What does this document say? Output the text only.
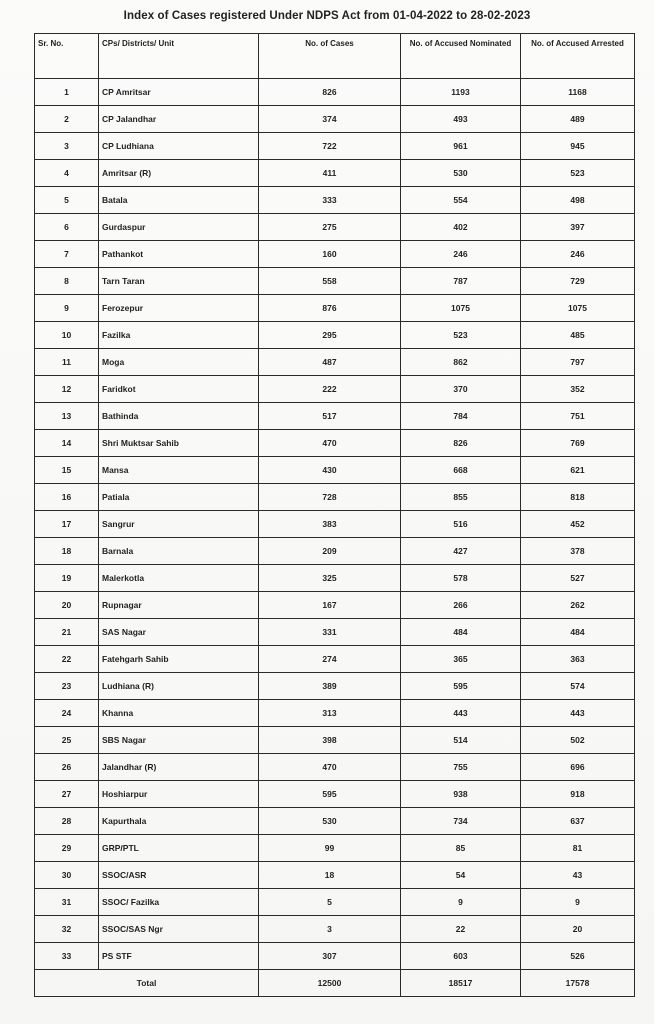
Index of Cases registered Under NDPS Act from 01-04-2022 to 28-02-2023
Sr. No.	CPs/ Districts/ Unit	No. of Cases	No. of Accused Nominated	No. of Accused Arrested
1	CP Amritsar	826	1193	1168
2	CP Jalandhar	374	493	489
3	CP Ludhiana	722	961	945
4	Amritsar (R)	411	530	523
5	Batala	333	554	498
6	Gurdaspur	275	402	397
7	Pathankot	160	246	246
8	Tarn Taran	558	787	729
9	Ferozepur	876	1075	1075
10	Fazilka	295	523	485
11	Moga	487	862	797
12	Faridkot	222	370	352
13	Bathinda	517	784	751
14	Shri Muktsar Sahib	470	826	769
15	Mansa	430	668	621
16	Patiala	728	855	818
17	Sangrur	383	516	452
18	Barnala	209	427	378
19	Malerkotla	325	578	527
20	Rupnagar	167	266	262
21	SAS Nagar	331	484	484
22	Fatehgarh Sahib	274	365	363
23	Ludhiana (R)	389	595	574
24	Khanna	313	443	443
25	SBS Nagar	398	514	502
26	Jalandhar (R)	470	755	696
27	Hoshiarpur	595	938	918
28	Kapurthala	530	734	637
29	GRP/PTL	99	85	81
30	SSOC/ASR	18	54	43
31	SSOC/ Fazilka	5	9	9
32	SSOC/SAS Ngr	3	22	20
33	PS STF	307	603	526
Total		12500	18517	17578
